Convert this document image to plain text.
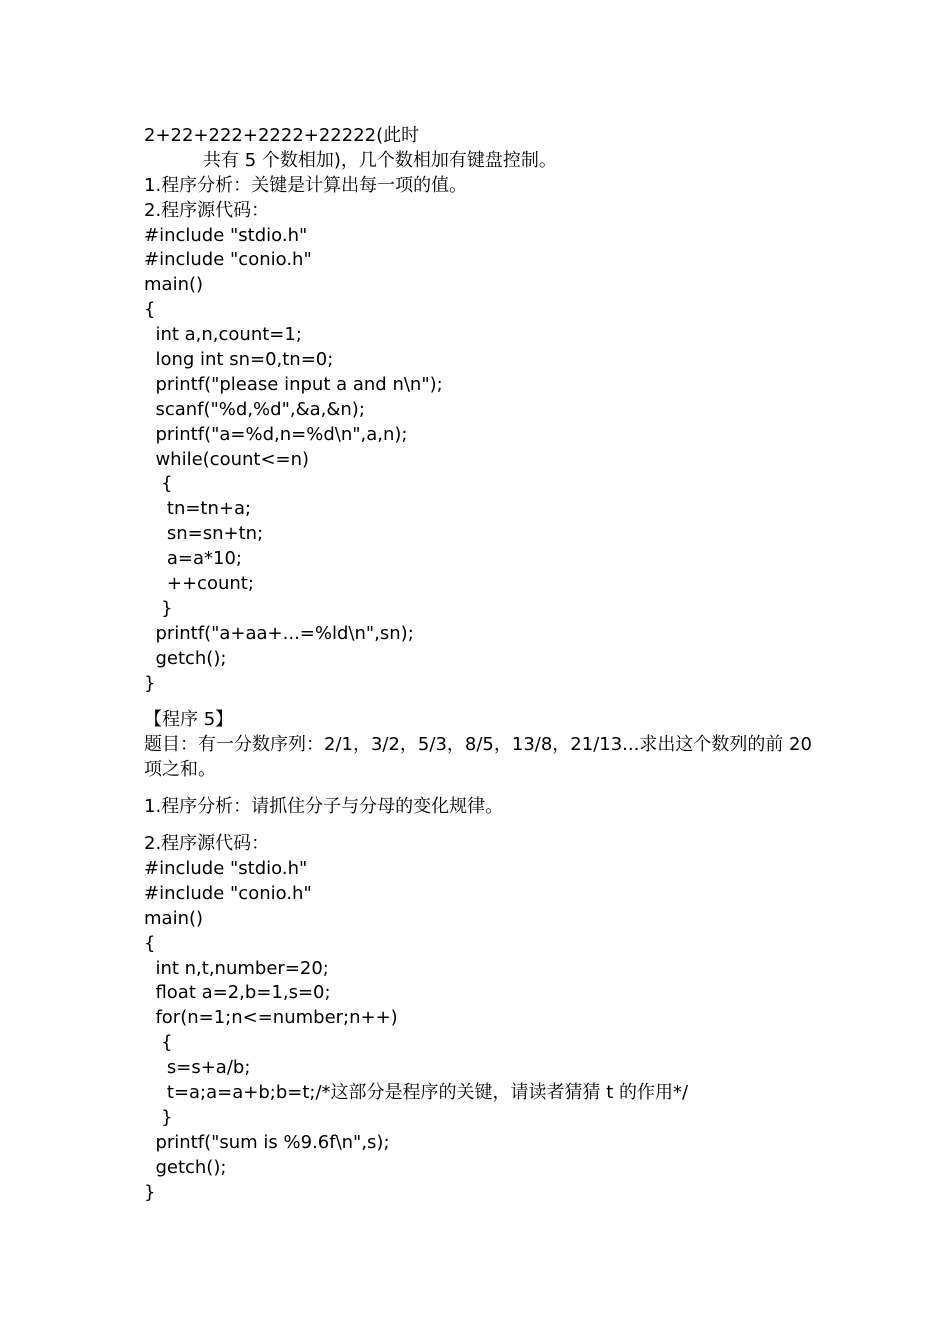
2+22+222+2222+22222(此时
共有 5 个数相加)，几个数相加有键盘控制。
1.程序分析：关键是计算出每一项的值。
2.程序源代码：
#include "stdio.h"
#include "conio.h"
main()
{
int a,n,count=1;
long int sn=0,tn=0;
printf("please input a and n\n");
scanf("%d,%d",&a,&n);
printf("a=%d,n=%d\n",a,n);
while(count<=n)
{
tn=tn+a;
sn=sn+tn;
a=a*10;
++count;
}
printf("a+aa+...=%ld\n",sn);
getch();
}
【程序 5】
题目：有一分数序列：2/1，3/2，5/3，8/5，13/8，21/13...求出这个数列的前 20 项之和。
1.程序分析：请抓住分子与分母的变化规律。
2.程序源代码：
#include "stdio.h"
#include "conio.h"
main()
{
int n,t,number=20;
float a=2,b=1,s=0;
for(n=1;n<=number;n++)
{
s=s+a/b;
t=a;a=a+b;b=t;/*这部分是程序的关键，请读者猜猜 t 的作用*/
}
printf("sum is %9.6f\n",s);
getch();
}
